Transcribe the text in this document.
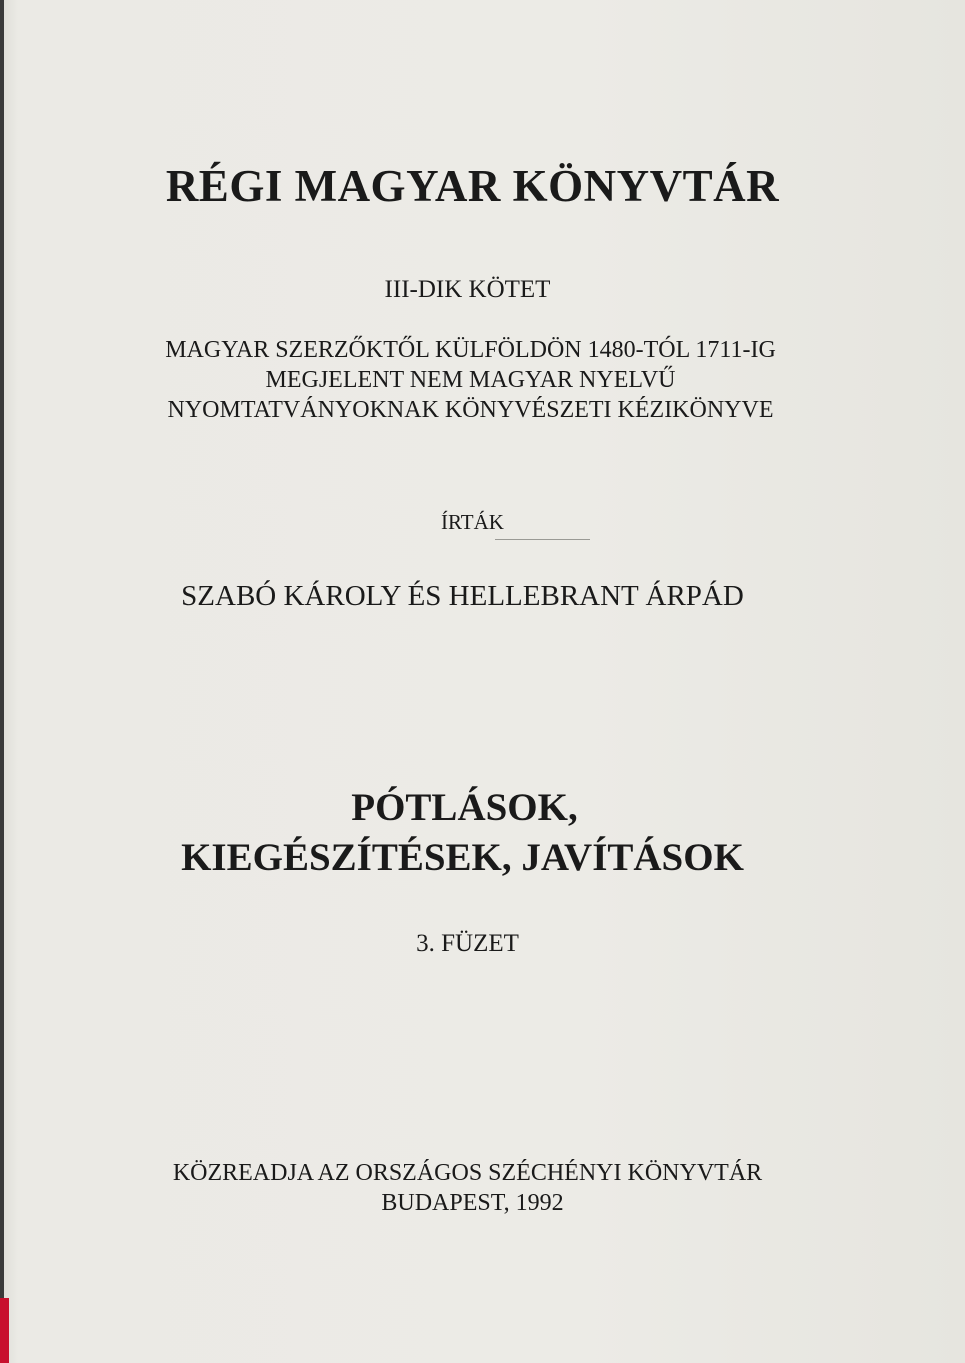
RÉGI MAGYAR KÖNYVTÁR
III-DIK KÖTET
MAGYAR SZERZŐKTŐL KÜLFÖLDÖN 1480-TÓL 1711-IG
MEGJELENT NEM MAGYAR NYELVŰ
NYOMTATVÁNYOKNAK KÖNYVÉSZETI KÉZIKÖNYVE
ÍRTÁK
SZABÓ KÁROLY ÉS HELLEBRANT ÁRPÁD
PÓTLÁSOK,
KIEGÉSZÍTÉSEK, JAVÍTÁSOK
3. FÜZET
KÖZREADJA AZ ORSZÁGOS SZÉCHÉNYI KÖNYVTÁR
BUDAPEST, 1992
